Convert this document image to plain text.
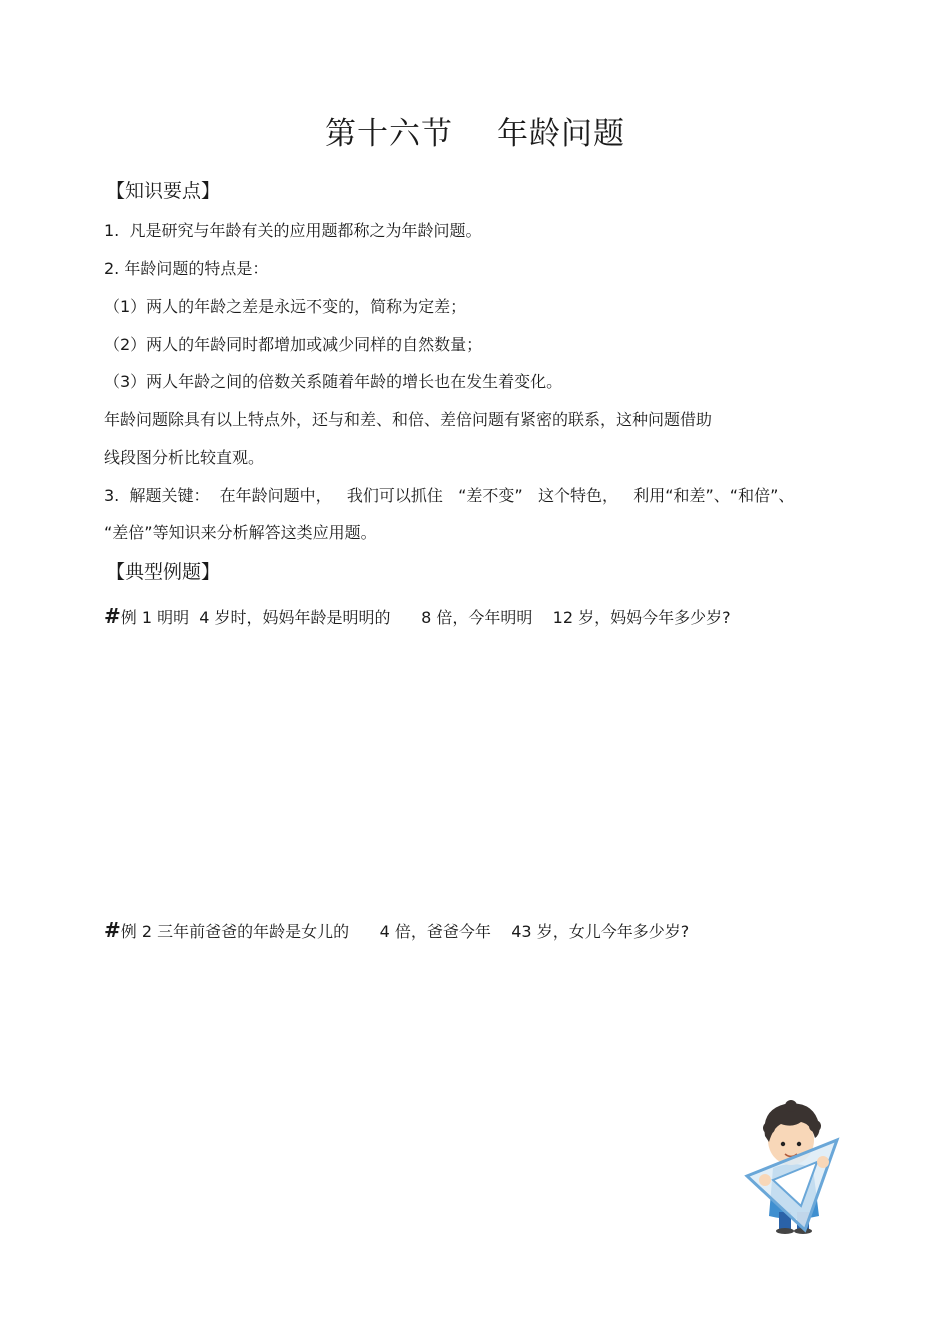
第十六节 年龄问题
【知识要点】
1.  凡是研究与年龄有关的应用题都称之为年龄问题。
2. 年龄问题的特点是：
（1）两人的年龄之差是永远不变的，简称为定差；
（2）两人的年龄同时都增加或减少同样的自然数量；
（3）两人年龄之间的倍数关系随着年龄的增长也在发生着变化。
年龄问题除具有以上特点外，还与和差、和倍、差倍问题有紧密的联系，这种问题借助
线段图分析比较直观。
3.  解题关键：  在年龄问题中，   我们可以抓住   “差不变”   这个特色，   利用“和差”、“和倍”、
“差倍”等知识来分析解答这类应用题。
【典型例题】
#例 1 明明  4 岁时，妈妈年龄是明明的      8 倍，今年明明    12 岁，妈妈今年多少岁?
#例 2 三年前爸爸的年龄是女儿的      4 倍，爸爸今年    43 岁，女儿今年多少岁?
